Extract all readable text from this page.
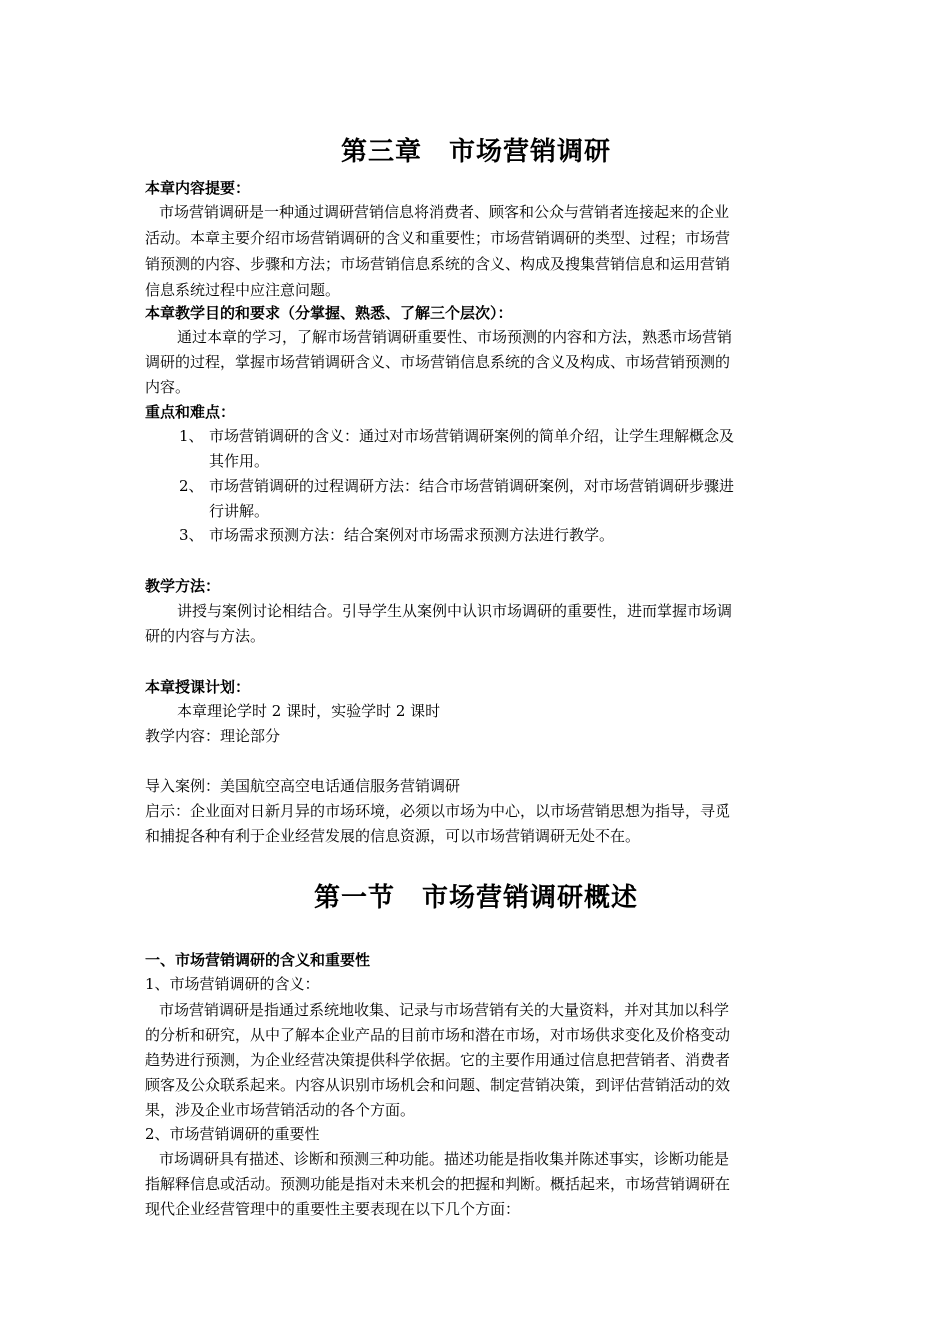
第三章　市场营销调研
本章内容提要：
市场营销调研是一种通过调研营销信息将消费者、顾客和公众与营销者连接起来的企业
活动。本章主要介绍市场营销调研的含义和重要性；市场营销调研的类型、过程；市场营
销预测的内容、步骤和方法；市场营销信息系统的含义、构成及搜集营销信息和运用营销
信息系统过程中应注意问题。
本章教学目的和要求（分掌握、熟悉、了解三个层次）：
通过本章的学习，了解市场营销调研重要性、市场预测的内容和方法，熟悉市场营销
调研的过程，掌握市场营销调研含义、市场营销信息系统的含义及构成、市场营销预测的
内容。
重点和难点：
1、 市场营销调研的含义：通过对市场营销调研案例的简单介绍，让学生理解概念及
其作用。
2、 市场营销调研的过程调研方法：结合市场营销调研案例，对市场营销调研步骤进
行讲解。
3、 市场需求预测方法：结合案例对市场需求预测方法进行教学。
教学方法：
讲授与案例讨论相结合。引导学生从案例中认识市场调研的重要性，进而掌握市场调
研的内容与方法。
本章授课计划：
本章理论学时 2 课时，实验学时 2 课时
教学内容：理论部分
导入案例：美国航空高空电话通信服务营销调研
启示：企业面对日新月异的市场环境，必须以市场为中心，以市场营销思想为指导，寻觅
和捕捉各种有利于企业经营发展的信息资源，可以市场营销调研无处不在。
第一节　市场营销调研概述
一、市场营销调研的含义和重要性
1、市场营销调研的含义：
市场营销调研是指通过系统地收集、记录与市场营销有关的大量资料，并对其加以科学
的分析和研究，从中了解本企业产品的目前市场和潜在市场，对市场供求变化及价格变动
趋势进行预测，为企业经营决策提供科学依据。它的主要作用通过信息把营销者、消费者
顾客及公众联系起来。内容从识别市场机会和问题、制定营销决策，到评估营销活动的效
果，涉及企业市场营销活动的各个方面。
2、市场营销调研的重要性
市场调研具有描述、诊断和预测三种功能。描述功能是指收集并陈述事实，诊断功能是
指解释信息或活动。预测功能是指对未来机会的把握和判断。概括起来，市场营销调研在
现代企业经营管理中的重要性主要表现在以下几个方面：
